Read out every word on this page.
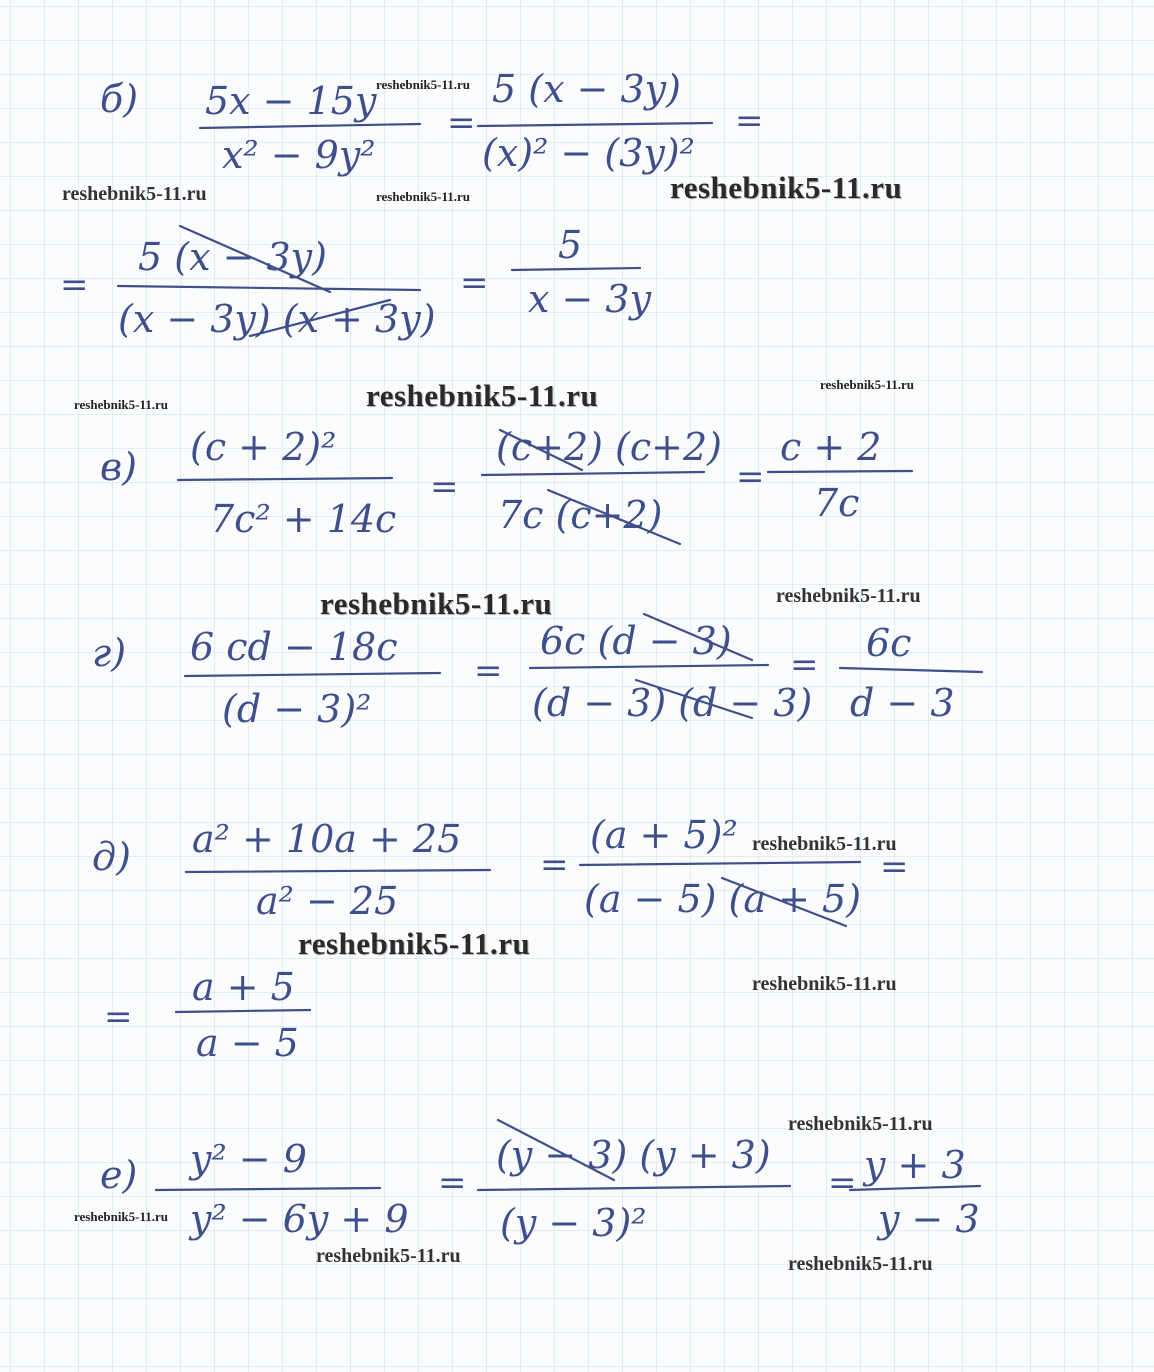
б) 5x − 15y
x² − 9y²
=
5 (x − 3y)
(x)² − (3y)²
=
=
5 (x − 3y)
(x − 3y) (x + 3y)
=
5
x − 3y
в) (c + 2)²
7c² + 14c
=
(c+2) (c+2)
7c (c+2)
=
c + 2
7c
г) 6 cd − 18c
(d − 3)²
=
6c (d − 3)
(d − 3) (d − 3)
= 6c
d − 3
д) a² + 10a + 25
a² − 25
=
(a + 5)²
(a − 5) (a + 5)
=
=
a + 5
a − 5
е) y² − 9
y² − 6y + 9
=
(y − 3) (y + 3)
(y − 3)²
= y + 3
y − 3
reshebnik5-11.ru
reshebnik5-11.ru	reshebnik5-11.ru	reshebnik5-11.ru
reshebnik5-11.ru	reshebnik5-11.ru	reshebnik5-11.ru
reshebnik5-11.ru	reshebnik5-11.ru
reshebnik5-11.ru
reshebnik5-11.ru
reshebnik5-11.ru
reshebnik5-11.ru
reshebnik5-11.ru
reshebnik5-11.ru	reshebnik5-11.ru
